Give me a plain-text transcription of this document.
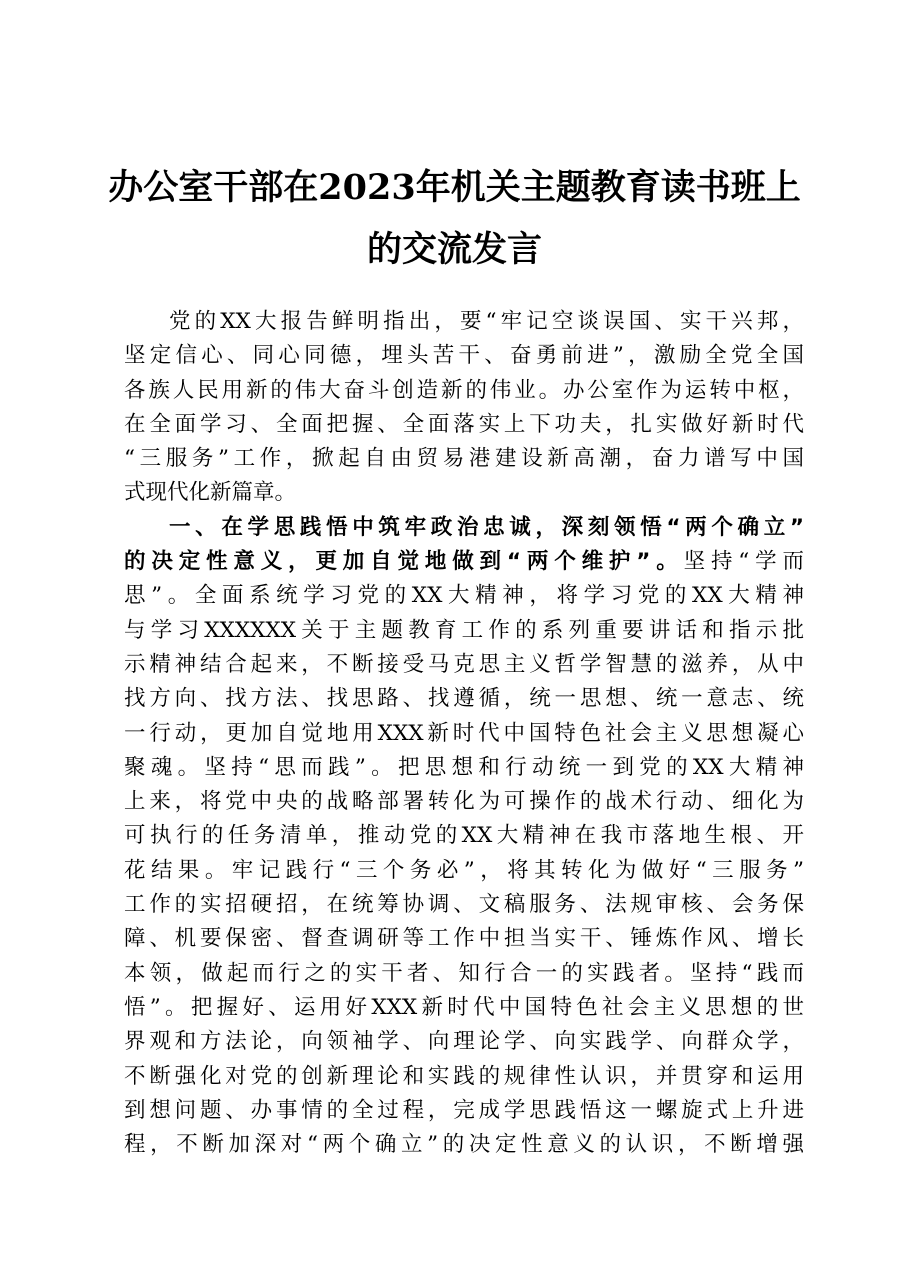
办公室干部在2023年机关主题教育读书班上
的交流发言
党的XX大报告鲜明指出，要“牢记空谈误国、实干兴邦，
坚定信心、同心同德，埋头苦干、奋勇前进”，激励全党全国
各族人民用新的伟大奋斗创造新的伟业。办公室作为运转中枢，
在全面学习、全面把握、全面落实上下功夫，扎实做好新时代
“三服务”工作，掀起自由贸易港建设新高潮，奋力谱写中国
式现代化新篇章。
一、在学思践悟中筑牢政治忠诚，深刻领悟“两个确立”
的决定性意义，更加自觉地做到“两个维护”。坚持“学而
思”。全面系统学习党的XX大精神，将学习党的XX大精神
与学习XXXXXX关于主题教育工作的系列重要讲话和指示批
示精神结合起来，不断接受马克思主义哲学智慧的滋养，从中
找方向、找方法、找思路、找遵循，统一思想、统一意志、统
一行动，更加自觉地用XXX新时代中国特色社会主义思想凝心
聚魂。坚持“思而践”。把思想和行动统一到党的XX大精神
上来，将党中央的战略部署转化为可操作的战术行动、细化为
可执行的任务清单，推动党的XX大精神在我市落地生根、开
花结果。牢记践行“三个务必”，将其转化为做好“三服务”
工作的实招硬招，在统筹协调、文稿服务、法规审核、会务保
障、机要保密、督查调研等工作中担当实干、锤炼作风、增长
本领，做起而行之的实干者、知行合一的实践者。坚持“践而
悟”。把握好、运用好XXX新时代中国特色社会主义思想的世
界观和方法论，向领袖学、向理论学、向实践学、向群众学，
不断强化对党的创新理论和实践的规律性认识，并贯穿和运用
到想问题、办事情的全过程，完成学思践悟这一螺旋式上升进
程，不断加深对“两个确立”的决定性意义的认识，不断增强
